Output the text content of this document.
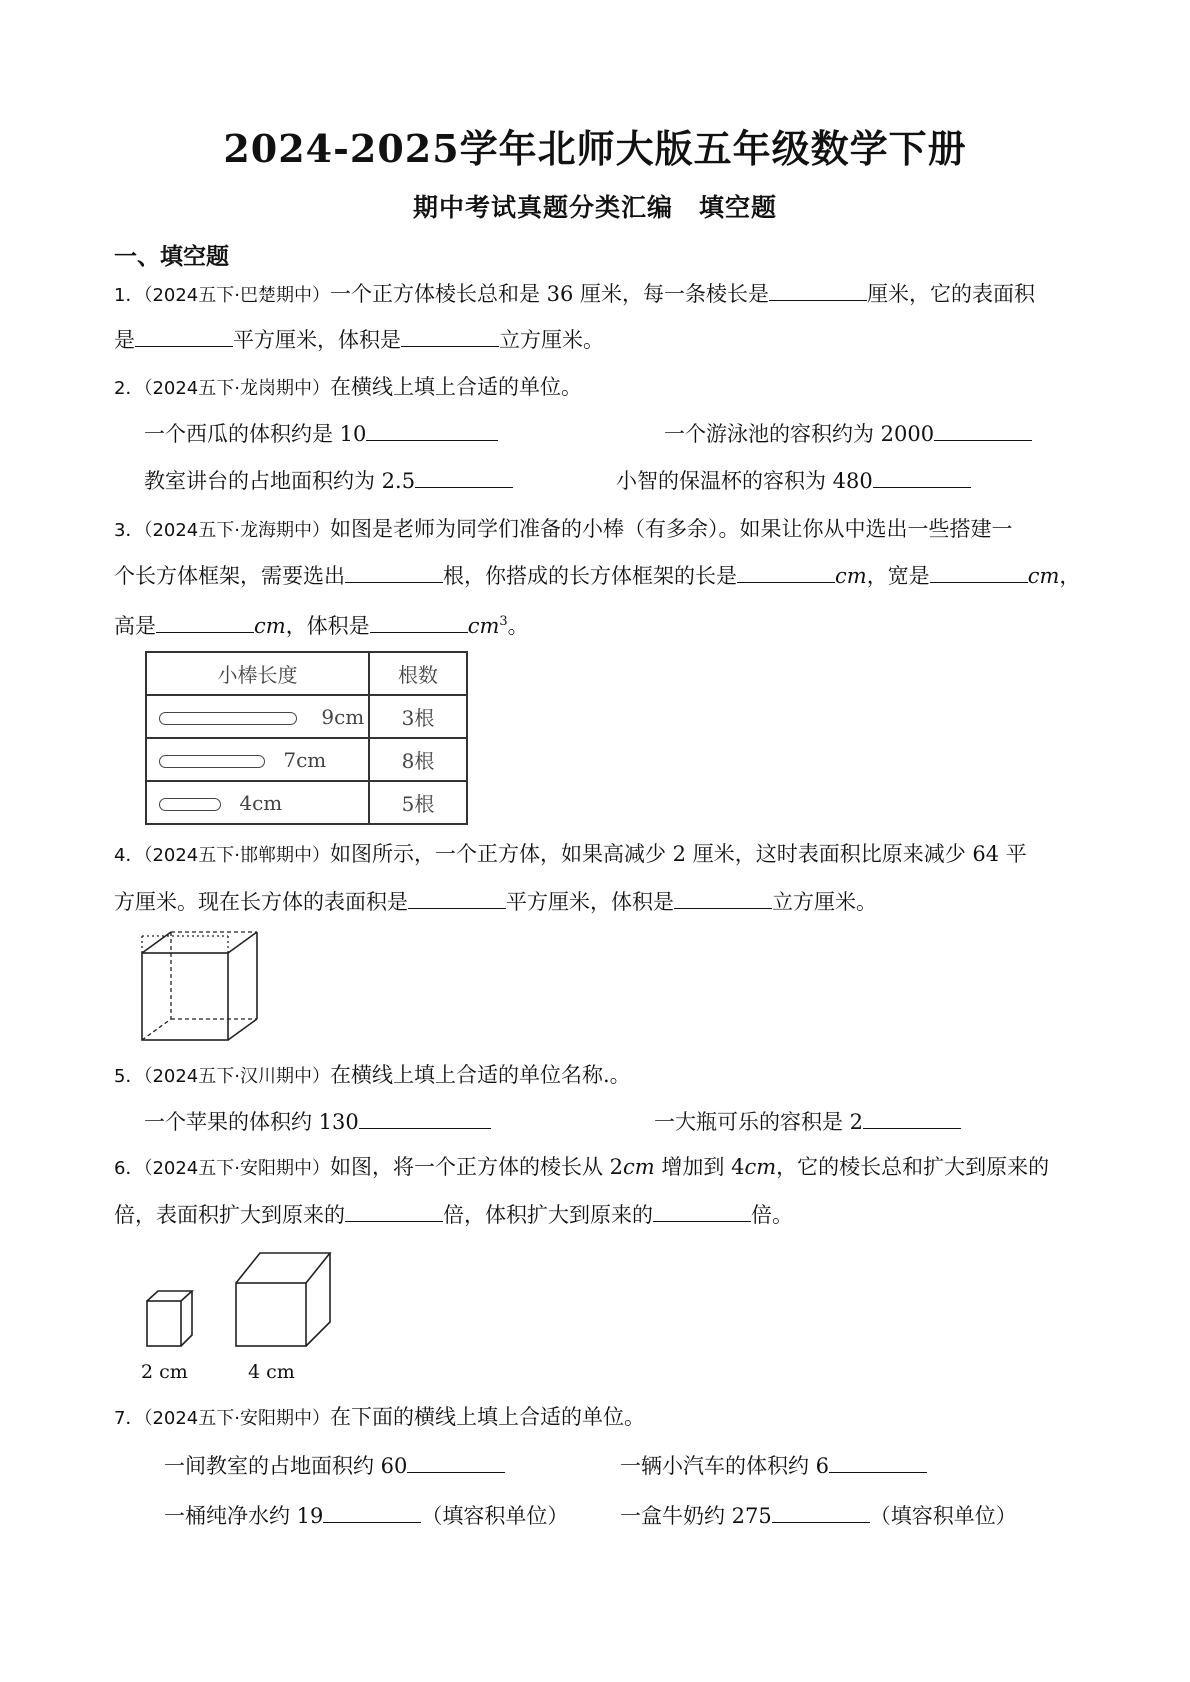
2024-2025学年北师大版五年级数学下册
期中考试真题分类汇编　填空题
一、填空题
1．（2024五下·巴楚期中）一个正方体棱长总和是 36 厘米，每一条棱长是	厘米，它的表面积
是	平方厘米，体积是	立方厘米。
2．（2024五下·龙岗期中）在横线上填上合适的单位。
一个西瓜的体积约是 10	一个游泳池的容积约为 2000
教室讲台的占地面积约为 2.5	小智的保温杯的容积为 480
3．（2024五下·龙海期中）如图是老师为同学们准备的小棒（有多余）。如果让你从中选出一些搭建一
个长方体框架，需要选出	根，你搭成的长方体框架的长是	cm，宽是	cm，
高是	cm，体积是	$cm^3$。
小棒长度	根数
9cm	3根
7cm	8根
4cm	5根
4．（2024五下·邯郸期中）如图所示，一个正方体，如果高减少 2 厘米，这时表面积比原来减少 64 平
方厘米。现在长方体的表面积是	平方厘米，体积是	立方厘米。
5．（2024五下·汉川期中）在横线上填上合适的单位名称.。
一个苹果的体积约 130	一大瓶可乐的容积是 2
6．（2024五下·安阳期中）如图，将一个正方体的棱长从 2cm 增加到 4cm，它的棱长总和扩大到原来的
倍，表面积扩大到原来的	倍，体积扩大到原来的	倍。
2 cm	4 cm
7．（2024五下·安阳期中）在下面的横线上填上合适的单位。
一间教室的占地面积约 60	一辆小汽车的体积约 6
一桶纯净水约 19	（填容积单位） 一盒牛奶约 275	（填容积单位）
